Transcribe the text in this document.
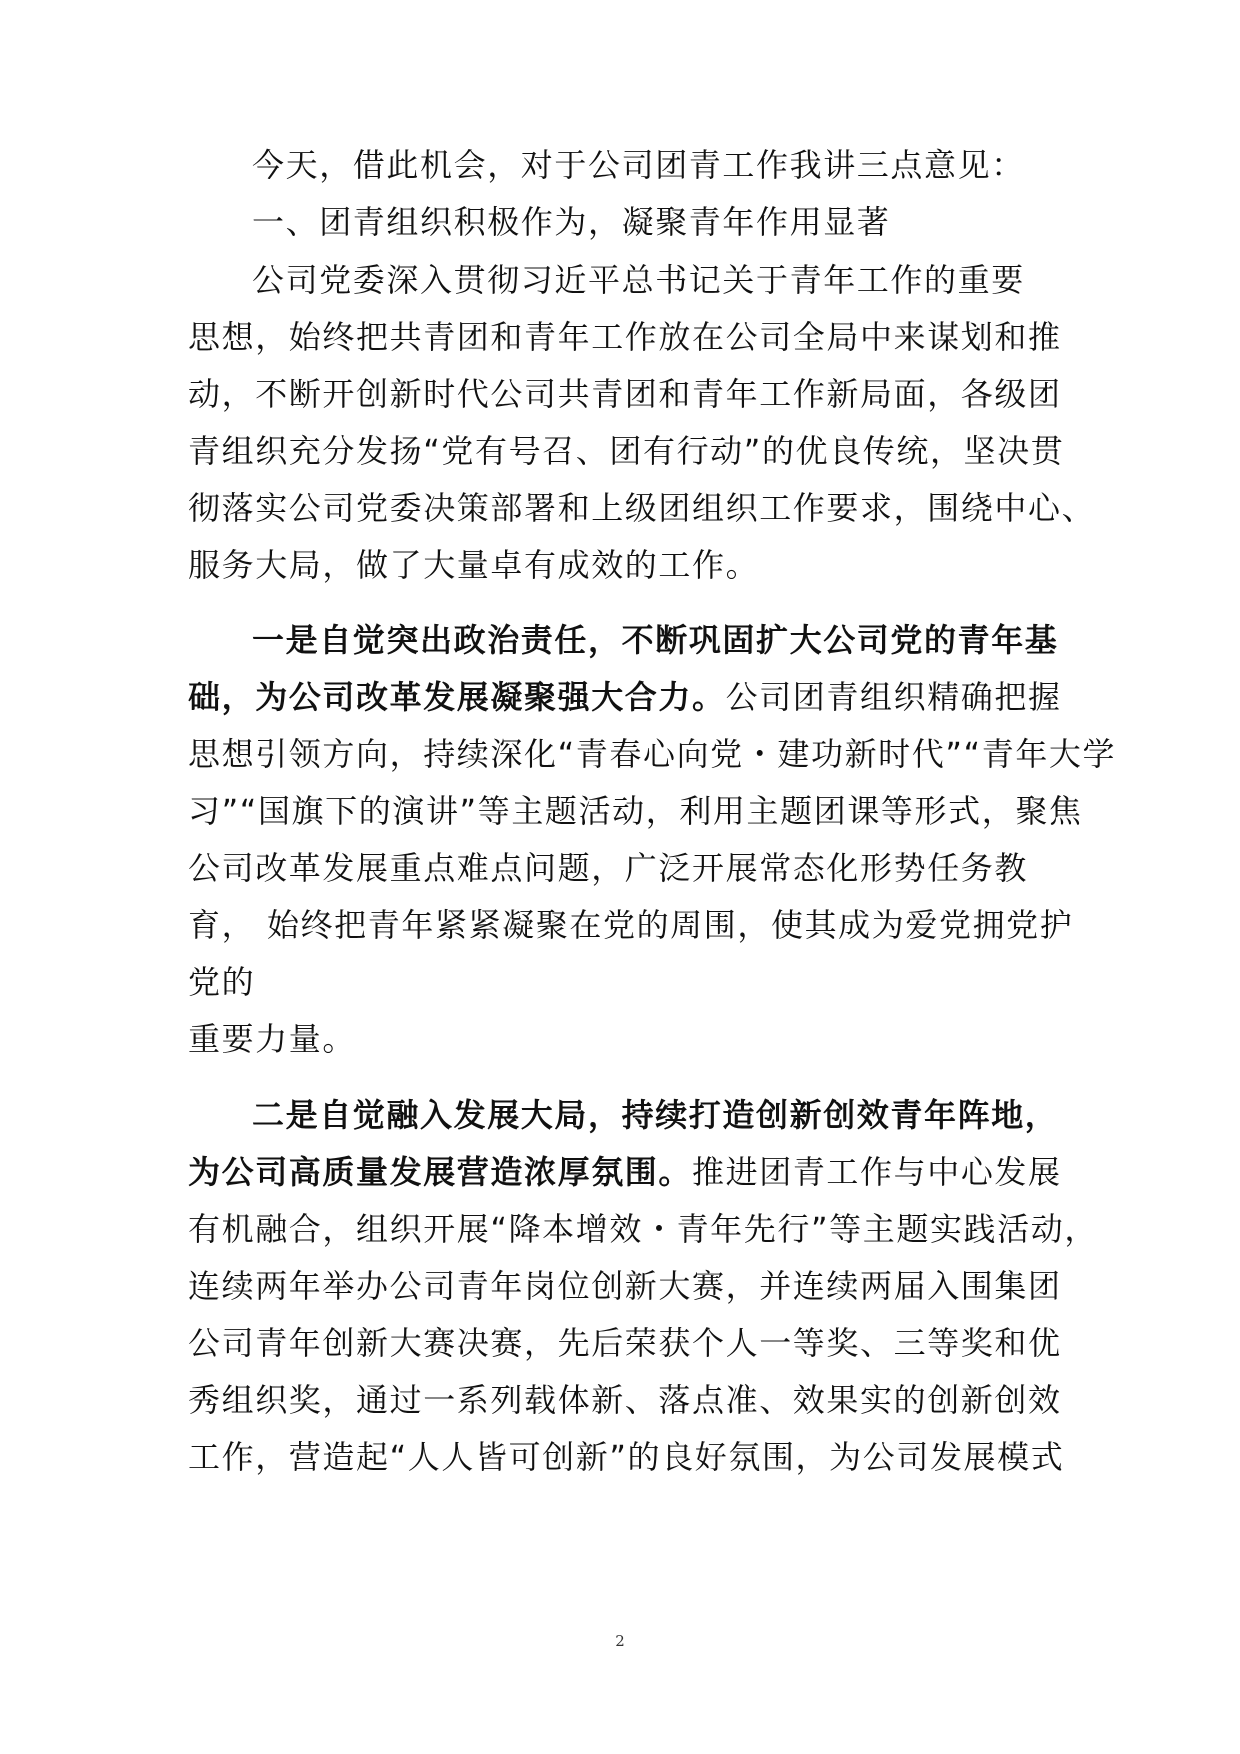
今天，借此机会，对于公司团青工作我讲三点意见：
一、团青组织积极作为，凝聚青年作用显著
公司党委深入贯彻习近平总书记关于青年工作的重要
思想，始终把共青团和青年工作放在公司全局中来谋划和推
动，不断开创新时代公司共青团和青年工作新局面，各级团
青组织充分发扬“党有号召、团有行动”的优良传统，坚决贯
彻落实公司党委决策部署和上级团组织工作要求，围绕中心、
服务大局，做了大量卓有成效的工作。
一是自觉突出政治责任，不断巩固扩大公司党的青年基
础，为公司改革发展凝聚强大合力。公司团青组织精确把握
思想引领方向，持续深化“青春心向党・建功新时代”“青年大学
习”“国旗下的演讲”等主题活动，利用主题团课等形式，聚焦
公司改革发展重点难点问题，广泛开展常态化形势任务教
育， 始终把青年紧紧凝聚在党的周围，使其成为爱党拥党护
党的
重要力量。
二是自觉融入发展大局，持续打造创新创效青年阵地，
为公司高质量发展营造浓厚氛围。推进团青工作与中心发展
有机融合，组织开展“降本增效・青年先行”等主题实践活动，
连续两年举办公司青年岗位创新大赛，并连续两届入围集团
公司青年创新大赛决赛，先后荣获个人一等奖、三等奖和优
秀组织奖，通过一系列载体新、落点准、效果实的创新创效
工作，营造起“人人皆可创新”的良好氛围，为公司发展模式
2
